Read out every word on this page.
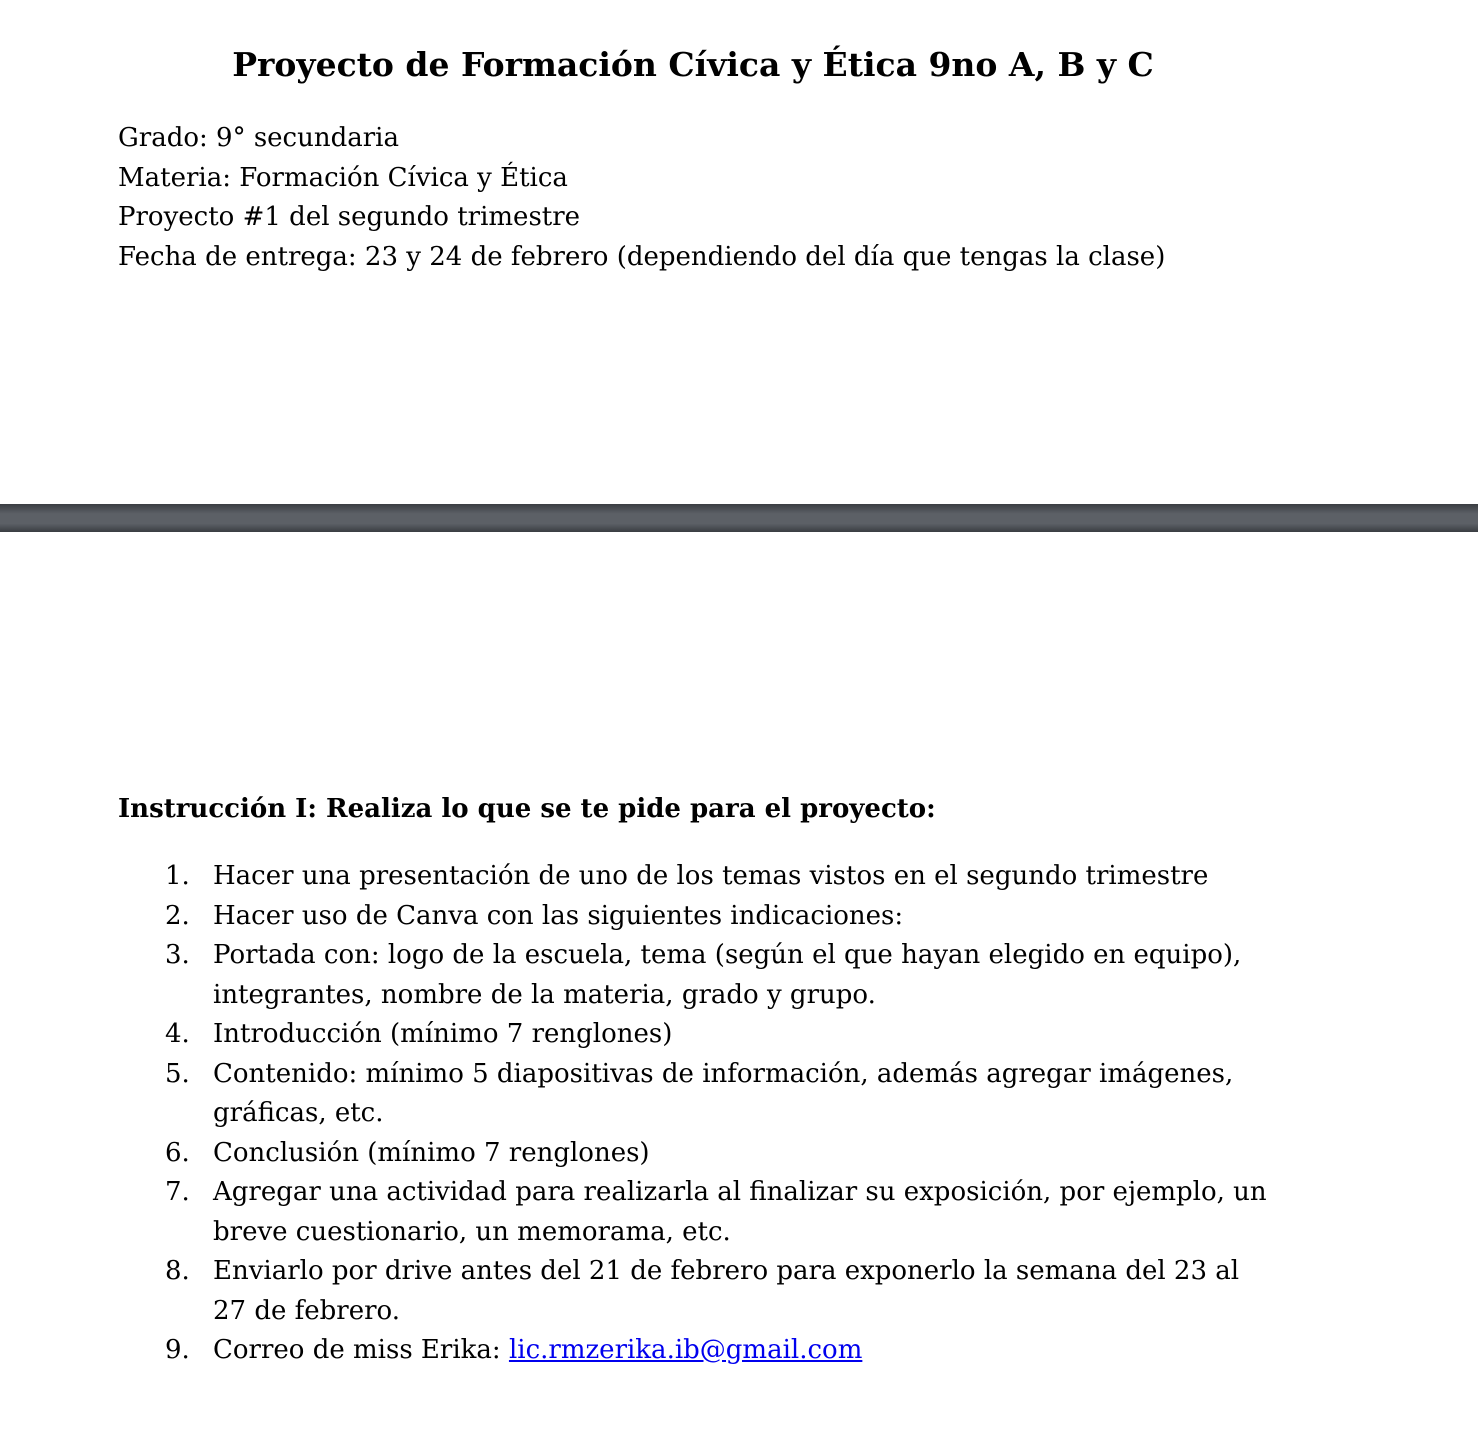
Proyecto de Formación Cívica y Ética 9no A, B y C
Grado: 9° secundaria
Materia: Formación Cívica y Ética
Proyecto #1 del segundo trimestre
Fecha de entrega: 23 y 24 de febrero (dependiendo del día que tengas la clase)
Instrucción I: Realiza lo que se te pide para el proyecto:
1. Hacer una presentación de uno de los temas vistos en el segundo trimestre
2. Hacer uso de Canva con las siguientes indicaciones:
3. Portada con: logo de la escuela, tema (según el que hayan elegido en equipo), integrantes, nombre de la materia, grado y grupo.
4. Introducción (mínimo 7 renglones)
5. Contenido: mínimo 5 diapositivas de información, además agregar imágenes, gráficas, etc.
6. Conclusión (mínimo 7 renglones)
7. Agregar una actividad para realizarla al finalizar su exposición, por ejemplo, un breve cuestionario, un memorama, etc.
8. Enviarlo por drive antes del 21 de febrero para exponerlo la semana del 23 al 27 de febrero.
9. Correo de miss Erika: lic.rmzerika.ib@gmail.com
